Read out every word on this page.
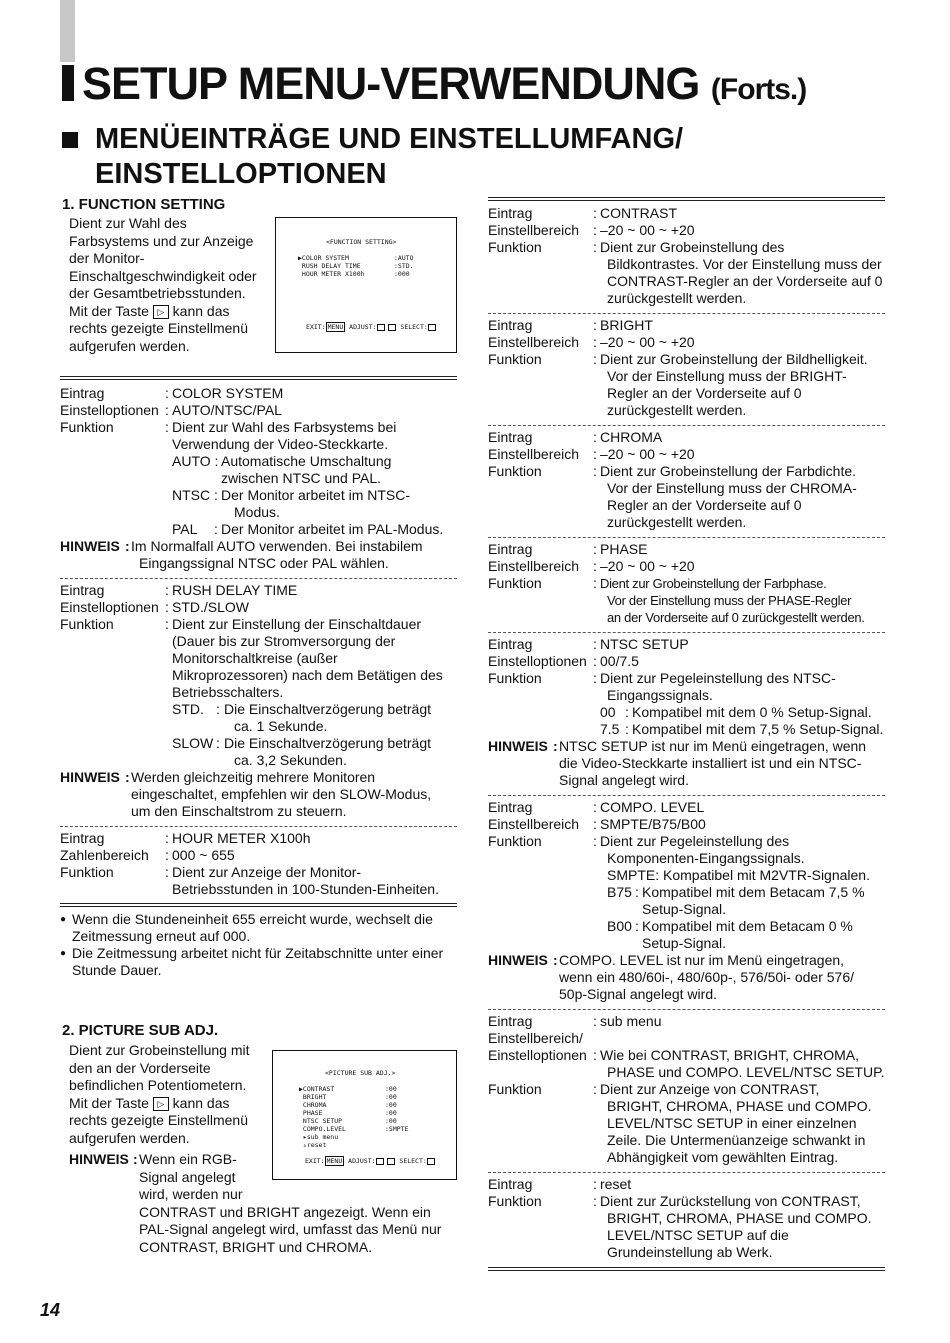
SETUP MENU-VERWENDUNG (Forts.)
MENÜEINTRÄGE UND EINSTELLUMFANG/
EINSTELLOPTIONEN
1. FUNCTION SETTING
Dient zur Wahl des
Farbsystems und zur Anzeige
der Monitor-
Einschaltgeschwindigkeit oder
der Gesamtbetriebsstunden.
Mit der Taste ▷ kann das
rechts gezeigte Einstellmenü
aufgerufen werden.
<FUNCTION SETTING>
▶COLOR SYSTEM	:AUTO
RUSH DELAY TIME	:STD.
HOUR METER X100h	:000
EXIT: MENU ADJUST:	SELECT:
Eintrag	: COLOR SYSTEM
Einstelloptionen : AUTO/NTSC/PAL
Funktion	: Dient zur Wahl des Farbsystems bei
Verwendung der Video-Steckkarte.
AUTO : Automatische Umschaltung
zwischen NTSC und PAL.
NTSC : Der Monitor arbeitet im NTSC-
Modus.
PAL : Der Monitor arbeitet im PAL-Modus.
HINWEIS : Im Normalfall AUTO verwenden. Bei instabilem
Eingangssignal NTSC oder PAL wählen.
Eintrag	: RUSH DELAY TIME
Einstelloptionen : STD./SLOW
Funktion	: Dient zur Einstellung der Einschaltdauer
(Dauer bis zur Stromversorgung der
Monitorschaltkreise (außer
Mikroprozessoren) nach dem Betätigen des
Betriebsschalters.
STD. : Die Einschaltverzögerung beträgt
ca. 1 Sekunde.
SLOW : Die Einschaltverzögerung beträgt
ca. 3,2 Sekunden.
HINWEIS : Werden gleichzeitig mehrere Monitoren
eingeschaltet, empfehlen wir den SLOW-Modus,
um den Einschaltstrom zu steuern.
Eintrag	: HOUR METER X100h
Zahlenbereich : 000 ~ 655
Funktion	: Dient zur Anzeige der Monitor-
Betriebsstunden in 100-Stunden-Einheiten.
● Wenn die Stundeneinheit 655 erreicht wurde, wechselt die
Zeitmessung erneut auf 000.
● Die Zeitmessung arbeitet nicht für Zeitabschnitte unter einer
Stunde Dauer.
2. PICTURE SUB ADJ.
Dient zur Grobeinstellung mit
den an der Vorderseite
befindlichen Potentiometern.
Mit der Taste ▷ kann das
rechts gezeigte Einstellmenü
aufgerufen werden.
HINWEIS : Wenn ein RGB-
Signal angelegt
wird, werden nur
CONTRAST und BRIGHT angezeigt. Wenn ein
PAL-Signal angelegt wird, umfasst das Menü nur
CONTRAST, BRIGHT und CHROMA.
<PICTURE SUB ADJ.>
▶CONTRAST	:00
BRIGHT	:00
CHROMA	:00
PHASE	:00
NTSC SETUP	:00
COMPO.LEVEL	:SMPTE
▸sub menu
▵reset
EXIT: MENU ADJUST:	SELECT:
Eintrag	: CONTRAST
Einstellbereich : –20 ~ 00 ~ +20
Funktion	: Dient zur Grobeinstellung des
Bildkontrastes. Vor der Einstellung muss der
CONTRAST-Regler an der Vorderseite auf 0
zurückgestellt werden.
Eintrag	: BRIGHT
Einstellbereich : –20 ~ 00 ~ +20
Funktion	: Dient zur Grobeinstellung der Bildhelligkeit.
Vor der Einstellung muss der BRIGHT-
Regler an der Vorderseite auf 0
zurückgestellt werden.
Eintrag	: CHROMA
Einstellbereich : –20 ~ 00 ~ +20
Funktion	: Dient zur Grobeinstellung der Farbdichte.
Vor der Einstellung muss der CHROMA-
Regler an der Vorderseite auf 0
zurückgestellt werden.
Eintrag	: PHASE
Einstellbereich : –20 ~ 00 ~ +20
Funktion	: Dient zur Grobeinstellung der Farbphase.
Vor der Einstellung muss der PHASE-Regler
an der Vorderseite auf 0 zurückgestellt werden.
Eintrag	: NTSC SETUP
Einstelloptionen : 00/7.5
Funktion	: Dient zur Pegeleinstellung des NTSC-
Eingangssignals.
00 : Kompatibel mit dem 0 % Setup-Signal.
7.5 : Kompatibel mit dem 7,5 % Setup-Signal.
HINWEIS : NTSC SETUP ist nur im Menü eingetragen, wenn
die Video-Steckkarte installiert ist und ein NTSC-
Signal angelegt wird.
Eintrag	: COMPO. LEVEL
Einstellbereich : SMPTE/B75/B00
Funktion	: Dient zur Pegeleinstellung des
Komponenten-Eingangssignals.
SMPTE: Kompatibel mit M2VTR-Signalen.
B75 : Kompatibel mit dem Betacam 7,5 %
Setup-Signal.
B00 : Kompatibel mit dem Betacam 0 %
Setup-Signal.
HINWEIS : COMPO. LEVEL ist nur im Menü eingetragen,
wenn ein 480/60i-, 480/60p-, 576/50i- oder 576/
50p-Signal angelegt wird.
Eintrag	: sub menu
Einstellbereich/
Einstelloptionen : Wie bei CONTRAST, BRIGHT, CHROMA,
PHASE und COMPO. LEVEL/NTSC SETUP.
Funktion	: Dient zur Anzeige von CONTRAST,
BRIGHT, CHROMA, PHASE und COMPO.
LEVEL/NTSC SETUP in einer einzelnen
Zeile. Die Untermenüanzeige schwankt in
Abhängigkeit vom gewählten Eintrag.
Eintrag	: reset
Funktion	: Dient zur Zurückstellung von CONTRAST,
BRIGHT, CHROMA, PHASE und COMPO.
LEVEL/NTSC SETUP auf die
Grundeinstellung ab Werk.
14
